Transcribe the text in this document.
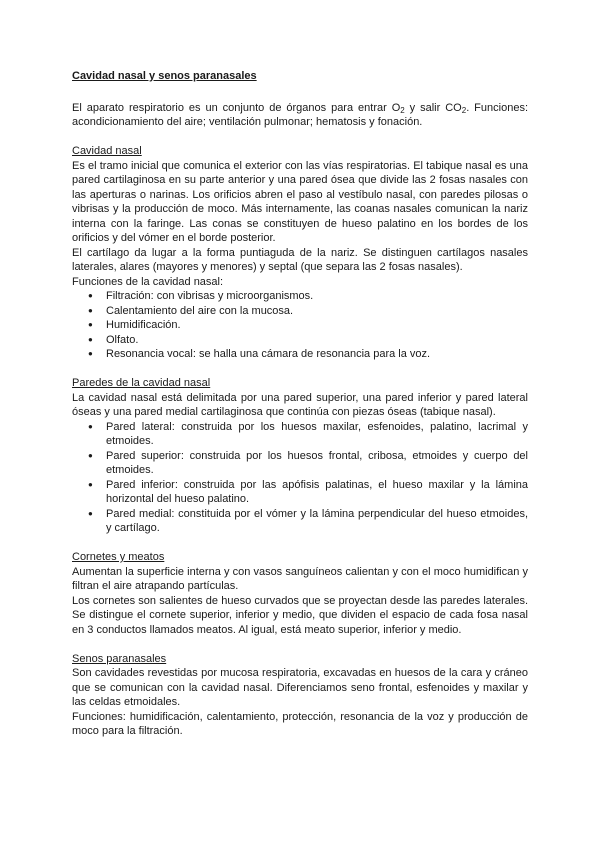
Cavidad nasal y senos paranasales

El aparato respiratorio es un conjunto de órganos para entrar $O_2$ y salir $CO_2$. Funciones: acondicionamiento del aire; ventilación pulmonar; hematosis y fonación.

Cavidad nasal

Es el tramo inicial que comunica el exterior con las vías respiratorias. El tabique nasal es una pared cartilaginosa en su parte anterior y una pared ósea que divide las 2 fosas nasales con las aperturas o narinas. Los orificios abren el paso al vestíbulo nasal, con paredes pilosas o vibrisas y la producción de moco. Más internamente, las coanas nasales comunican la nariz interna con la faringe. Las conas se constituyen de hueso palatino en los bordes de los orificios y del vómer en el borde posterior.

El cartílago da lugar a la forma puntiaguda de la nariz. Se distinguen cartílagos nasales laterales, alares (mayores y menores) y septal (que separa las 2 fosas nasales).

Funciones de la cavidad nasal:

● Filtración: con vibrisas y microorganismos.
● Calentamiento del aire con la mucosa.
● Humidificación.
● Olfato.
● Resonancia vocal: se halla una cámara de resonancia para la voz.

Paredes de la cavidad nasal

La cavidad nasal está delimitada por una pared superior, una pared inferior y pared lateral óseas y una pared medial cartilaginosa que continúa con piezas óseas (tabique nasal).

● Pared lateral: construida por los huesos maxilar, esfenoides, palatino, lacrimal y etmoides.
● Pared superior: construida por los huesos frontal, cribosa, etmoides y cuerpo del etmoides.
● Pared inferior: construida por las apófisis palatinas, el hueso maxilar y la lámina horizontal del hueso palatino.
● Pared medial: constituida por el vómer y la lámina perpendicular del hueso etmoides, y cartílago.

Cornetes y meatos

Aumentan la superficie interna y con vasos sanguíneos calientan y con el moco humidifican y filtran el aire atrapando partículas.

Los cornetes son salientes de hueso curvados que se proyectan desde las paredes laterales. Se distingue el cornete superior, inferior y medio, que dividen el espacio de cada fosa nasal en 3 conductos llamados meatos. Al igual, está meato superior, inferior y medio.

Senos paranasales

Son cavidades revestidas por mucosa respiratoria, excavadas en huesos de la cara y cráneo que se comunican con la cavidad nasal. Diferenciamos seno frontal, esfenoides y maxilar y las celdas etmoidales.

Funciones: humidificación, calentamiento, protección, resonancia de la voz y producción de moco para la filtración.
